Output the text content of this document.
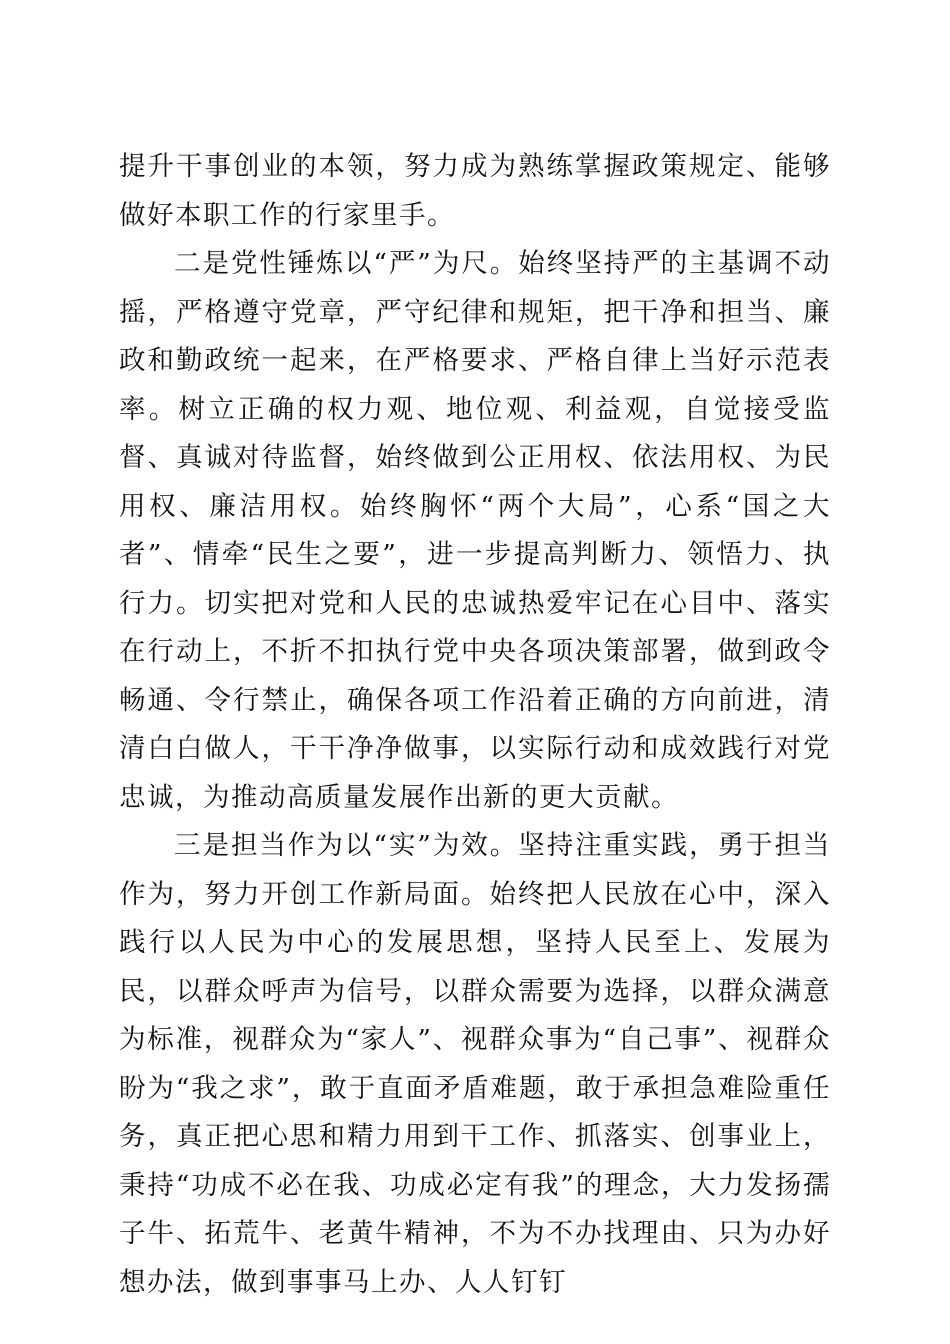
提升干事创业的本领，努力成为熟练掌握政策规定、能够做好本职工作的行家里手。

二是党性锤炼以“严”为尺。始终坚持严的主基调不动摇，严格遵守党章，严守纪律和规矩，把干净和担当、廉政和勤政统一起来，在严格要求、严格自律上当好示范表率。树立正确的权力观、地位观、利益观，自觉接受监督、真诚对待监督，始终做到公正用权、依法用权、为民用权、廉洁用权。始终胸怀“两个大局”，心系“国之大者”、情牵“民生之要”，进一步提高判断力、领悟力、执行力。切实把对党和人民的忠诚热爱牢记在心目中、落实在行动上，不折不扣执行党中央各项决策部署，做到政令畅通、令行禁止，确保各项工作沿着正确的方向前进，清清白白做人，干干净净做事，以实际行动和成效践行对党忠诚，为推动高质量发展作出新的更大贡献。

三是担当作为以“实”为效。坚持注重实践，勇于担当作为，努力开创工作新局面。始终把人民放在心中，深入践行以人民为中心的发展思想，坚持人民至上、发展为民，以群众呼声为信号，以群众需要为选择，以群众满意为标准，视群众为“家人”、视群众事为“自己事”、视群众盼为“我之求”，敢于直面矛盾难题，敢于承担急难险重任务，真正把心思和精力用到干工作、抓落实、创事业上，秉持“功成不必在我、功成必定有我”的理念，大力发扬孺子牛、拓荒牛、老黄牛精神，不为不办找理由、只为办好想办法，做到事事马上办、人人钉钉
